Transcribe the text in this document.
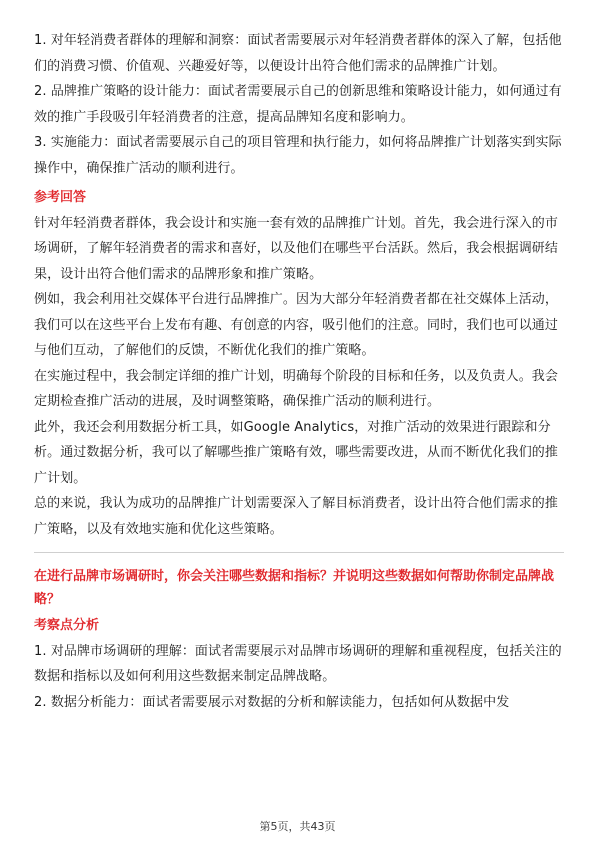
1. 对年轻消费者群体的理解和洞察：面试者需要展示对年轻消费者群体的深入了解，包括他们的消费习惯、价值观、兴趣爱好等，以便设计出符合他们需求的品牌推广计划。

2. 品牌推广策略的设计能力：面试者需要展示自己的创新思维和策略设计能力，如何通过有效的推广手段吸引年轻消费者的注意，提高品牌知名度和影响力。

3. 实施能力：面试者需要展示自己的项目管理和执行能力，如何将品牌推广计划落实到实际操作中，确保推广活动的顺利进行。

参考回答

针对年轻消费者群体，我会设计和实施一套有效的品牌推广计划。首先，我会进行深入的市场调研，了解年轻消费者的需求和喜好，以及他们在哪些平台活跃。然后，我会根据调研结果，设计出符合他们需求的品牌形象和推广策略。

例如，我会利用社交媒体平台进行品牌推广。因为大部分年轻消费者都在社交媒体上活动，我们可以在这些平台上发布有趣、有创意的内容，吸引他们的注意。同时，我们也可以通过与他们互动，了解他们的反馈，不断优化我们的推广策略。

在实施过程中，我会制定详细的推广计划，明确每个阶段的目标和任务，以及负责人。我会定期检查推广活动的进展，及时调整策略，确保推广活动的顺利进行。

此外，我还会利用数据分析工具，如Google Analytics，对推广活动的效果进行跟踪和分析。通过数据分析，我可以了解哪些推广策略有效，哪些需要改进，从而不断优化我们的推广计划。

总的来说，我认为成功的品牌推广计划需要深入了解目标消费者，设计出符合他们需求的推广策略，以及有效地实施和优化这些策略。

在进行品牌市场调研时，你会关注哪些数据和指标？并说明这些数据如何帮助你制定品牌战略？

考察点分析

1. 对品牌市场调研的理解：面试者需要展示对品牌市场调研的理解和重视程度，包括关注的数据和指标以及如何利用这些数据来制定品牌战略。

2. 数据分析能力：面试者需要展示对数据的分析和解读能力，包括如何从数据中发

第5页，共43页
